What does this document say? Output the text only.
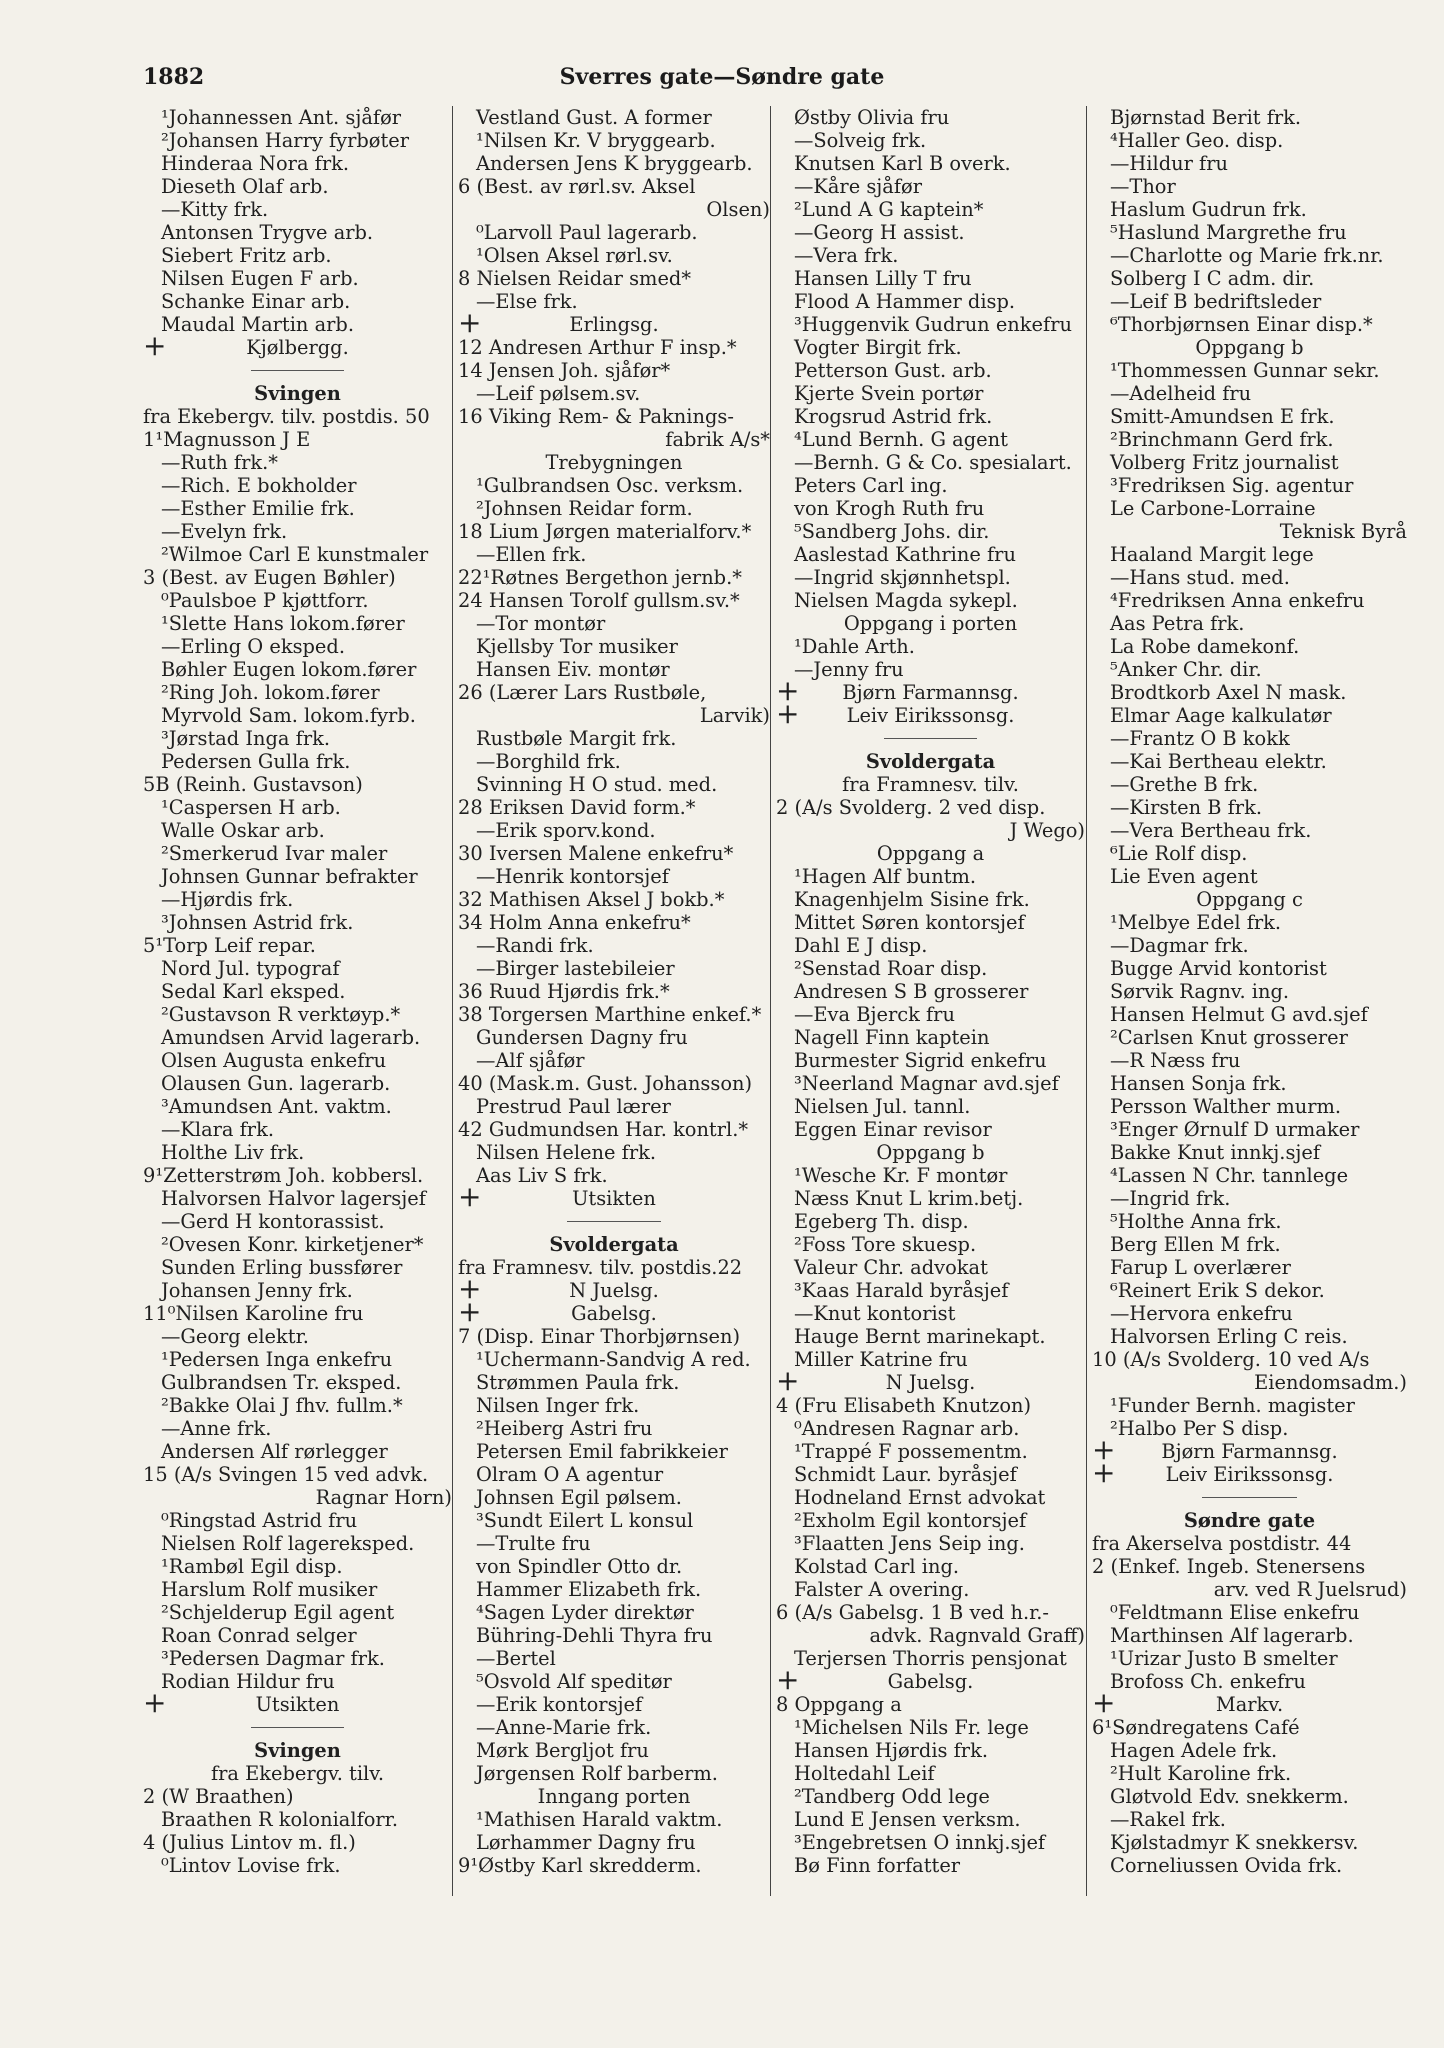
1882	Sverres gate—Søndre gate
¹Johannessen Ant. sjåfør
²Johansen Harry fyrbøter
Hinderaa Nora frk.
Dieseth Olaf arb.
—Kitty frk.
Antonsen Trygve arb.
Siebert Fritz arb.
Nilsen Eugen F arb.
Schanke Einar arb.
Maudal Martin arb.
+ Kjølbergg.
Svingen
fra Ekebergv. tilv. postdis. 50
1¹Magnusson J E
—Ruth frk.*
—Rich. E bokholder
—Esther Emilie frk.
—Evelyn frk.
²Wilmoe Carl E kunstmaler
3 (Best. av Eugen Bøhler)
⁰Paulsboe P kjøttforr.
¹Slette Hans lokom.fører
—Erling O eksped.
Bøhler Eugen lokom.fører
²Ring Joh. lokom.fører
Myrvold Sam. lokom.fyrb.
³Jørstad Inga frk.
Pedersen Gulla frk.
5B (Reinh. Gustavson)
¹Caspersen H arb.
Walle Oskar arb.
²Smerkerud Ivar maler
Johnsen Gunnar befrakter
—Hjørdis frk.
³Johnsen Astrid frk.
5¹Torp Leif repar.
Nord Jul. typograf
Sedal Karl eksped.
²Gustavson R verktøyp.*
Amundsen Arvid lagerarb.
Olsen Augusta enkefru
Olausen Gun. lagerarb.
³Amundsen Ant. vaktm.
—Klara frk.
Holthe Liv frk.
9¹Zetterstrøm Joh. kobbersl.
Halvorsen Halvor lagersjef
—Gerd H kontorassist.
²Ovesen Konr. kirketjener*
Sunden Erling bussfører
Johansen Jenny frk.
11⁰Nilsen Karoline fru
—Georg elektr.
¹Pedersen Inga enkefru
Gulbrandsen Tr. eksped.
²Bakke Olai J fhv. fullm.*
—Anne frk.
Andersen Alf rørlegger
15 (A/s Svingen 15 ved advk.
Ragnar Horn)
⁰Ringstad Astrid fru
Nielsen Rolf lagereksped.
¹Rambøl Egil disp.
Harslum Rolf musiker
²Schjelderup Egil agent
Roan Conrad selger
³Pedersen Dagmar frk.
Rodian Hildur fru
+ Utsikten
Svingen
fra Ekebergv. tilv.
2 (W Braathen)
Braathen R kolonialforr.
4 (Julius Lintov m. fl.)
⁰Lintov Lovise frk.
Vestland Gust. A former
¹Nilsen Kr. V bryggearb.
Andersen Jens K bryggearb.
6 (Best. av rørl.sv. Aksel
Olsen)
⁰Larvoll Paul lagerarb.
¹Olsen Aksel rørl.sv.
8 Nielsen Reidar smed*
—Else frk.
+ Erlingsg.
12 Andresen Arthur F insp.*
14 Jensen Joh. sjåfør*
—Leif pølsem.sv.
16 Viking Rem- & Paknings-
fabrik A/s*
Trebygningen
¹Gulbrandsen Osc. verksm.
²Johnsen Reidar form.
18 Lium Jørgen materialforv.*
—Ellen frk.
22¹Røtnes Bergethon jernb.*
24 Hansen Torolf gullsm.sv.*
—Tor montør
Kjellsby Tor musiker
Hansen Eiv. montør
26 (Lærer Lars Rustbøle,
Larvik)
Rustbøle Margit frk.
—Borghild frk.
Svinning H O stud. med.
28 Eriksen David form.*
—Erik sporv.kond.
30 Iversen Malene enkefru*
—Henrik kontorsjef
32 Mathisen Aksel J bokb.*
34 Holm Anna enkefru*
—Randi frk.
—Birger lastebileier
36 Ruud Hjørdis frk.*
38 Torgersen Marthine enkef.*
Gundersen Dagny fru
—Alf sjåfør
40 (Mask.m. Gust. Johansson)
Prestrud Paul lærer
42 Gudmundsen Har. kontrl.*
Nilsen Helene frk.
Aas Liv S frk.
+ Utsikten
Svoldergata
fra Framnesv. tilv. postdis.22
+ N Juelsg.
+ Gabelsg.
7 (Disp. Einar Thorbjørnsen)
¹Uchermann-Sandvig A red.
Strømmen Paula frk.
Nilsen Inger frk.
²Heiberg Astri fru
Petersen Emil fabrikkeier
Olram O A agentur
Johnsen Egil pølsem.
³Sundt Eilert L konsul
—Trulte fru
von Spindler Otto dr.
Hammer Elizabeth frk.
⁴Sagen Lyder direktør
Bühring-Dehli Thyra fru
—Bertel
⁵Osvold Alf speditør
—Erik kontorsjef
—Anne-Marie frk.
Mørk Bergljot fru
Jørgensen Rolf barberm.
Inngang porten
¹Mathisen Harald vaktm.
Lørhammer Dagny fru
9¹Østby Karl skredderm.
Østby Olivia fru
—Solveig frk.
Knutsen Karl B overk.
—Kåre sjåfør
²Lund A G kaptein*
—Georg H assist.
—Vera frk.
Hansen Lilly T fru
Flood A Hammer disp.
³Huggenvik Gudrun enkefru
Vogter Birgit frk.
Petterson Gust. arb.
Kjerte Svein portør
Krogsrud Astrid frk.
⁴Lund Bernh. G agent
—Bernh. G & Co. spesialart.
Peters Carl ing.
von Krogh Ruth fru
⁵Sandberg Johs. dir.
Aaslestad Kathrine fru
—Ingrid skjønnhetspl.
Nielsen Magda sykepl.
Oppgang i porten
¹Dahle Arth.
—Jenny fru
+ Bjørn Farmannsg.
+ Leiv Eirikssonsg.
Svoldergata
fra Framnesv. tilv.
2 (A/s Svolderg. 2 ved disp.
J Wego)
Oppgang a
¹Hagen Alf buntm.
Knagenhjelm Sisine frk.
Mittet Søren kontorsjef
Dahl E J disp.
²Senstad Roar disp.
Andresen S B grosserer
—Eva Bjerck fru
Nagell Finn kaptein
Burmester Sigrid enkefru
³Neerland Magnar avd.sjef
Nielsen Jul. tannl.
Eggen Einar revisor
Oppgang b
¹Wesche Kr. F montør
Næss Knut L krim.betj.
Egeberg Th. disp.
²Foss Tore skuesp.
Valeur Chr. advokat
³Kaas Harald byråsjef
—Knut kontorist
Hauge Bernt marinekapt.
Miller Katrine fru
+ N Juelsg.
4 (Fru Elisabeth Knutzon)
⁰Andresen Ragnar arb.
¹Trappé F possementm.
Schmidt Laur. byråsjef
Hodneland Ernst advokat
²Exholm Egil kontorsjef
³Flaatten Jens Seip ing.
Kolstad Carl ing.
Falster A overing.
6 (A/s Gabelsg. 1 B ved h.r.-
advk. Ragnvald Graff)
Terjersen Thorris pensjonat
+ Gabelsg.
8 Oppgang a
¹Michelsen Nils Fr. lege
Hansen Hjørdis frk.
Holtedahl Leif
²Tandberg Odd lege
Lund E Jensen verksm.
³Engebretsen O innkj.sjef
Bø Finn forfatter
Bjørnstad Berit frk.
⁴Haller Geo. disp.
—Hildur fru
—Thor
Haslum Gudrun frk.
⁵Haslund Margrethe fru
—Charlotte og Marie frk.nr.
Solberg I C adm. dir.
—Leif B bedriftsleder
⁶Thorbjørnsen Einar disp.*
Oppgang b
¹Thommessen Gunnar sekr.
—Adelheid fru
Smitt-Amundsen E frk.
²Brinchmann Gerd frk.
Volberg Fritz journalist
³Fredriksen Sig. agentur
Le Carbone-Lorraine
Teknisk Byrå
Haaland Margit lege
—Hans stud. med.
⁴Fredriksen Anna enkefru
Aas Petra frk.
La Robe damekonf.
⁵Anker Chr. dir.
Brodtkorb Axel N mask.
Elmar Aage kalkulatør
—Frantz O B kokk
—Kai Bertheau elektr.
—Grethe B frk.
—Kirsten B frk.
—Vera Bertheau frk.
⁶Lie Rolf disp.
Lie Even agent
Oppgang c
¹Melbye Edel frk.
—Dagmar frk.
Bugge Arvid kontorist
Sørvik Ragnv. ing.
Hansen Helmut G avd.sjef
²Carlsen Knut grosserer
—R Næss fru
Hansen Sonja frk.
Persson Walther murm.
³Enger Ørnulf D urmaker
Bakke Knut innkj.sjef
⁴Lassen N Chr. tannlege
—Ingrid frk.
⁵Holthe Anna frk.
Berg Ellen M frk.
Farup L overlærer
⁶Reinert Erik S dekor.
—Hervora enkefru
Halvorsen Erling C reis.
10 (A/s Svolderg. 10 ved A/s
Eiendomsadm.)
¹Funder Bernh. magister
²Halbo Per S disp.
+ Bjørn Farmannsg.
+ Leiv Eirikssonsg.
Søndre gate
fra Akerselva postdistr. 44
2 (Enkef. Ingeb. Stenersens
arv. ved R Juelsrud)
⁰Feldtmann Elise enkefru
Marthinsen Alf lagerarb.
¹Urizar Justo B smelter
Brofoss Ch. enkefru
+ Markv.
6¹Søndregatens Café
Hagen Adele frk.
²Hult Karoline frk.
Gløtvold Edv. snekkerm.
—Rakel frk.
Kjølstadmyr K snekkersv.
Corneliussen Ovida frk.
